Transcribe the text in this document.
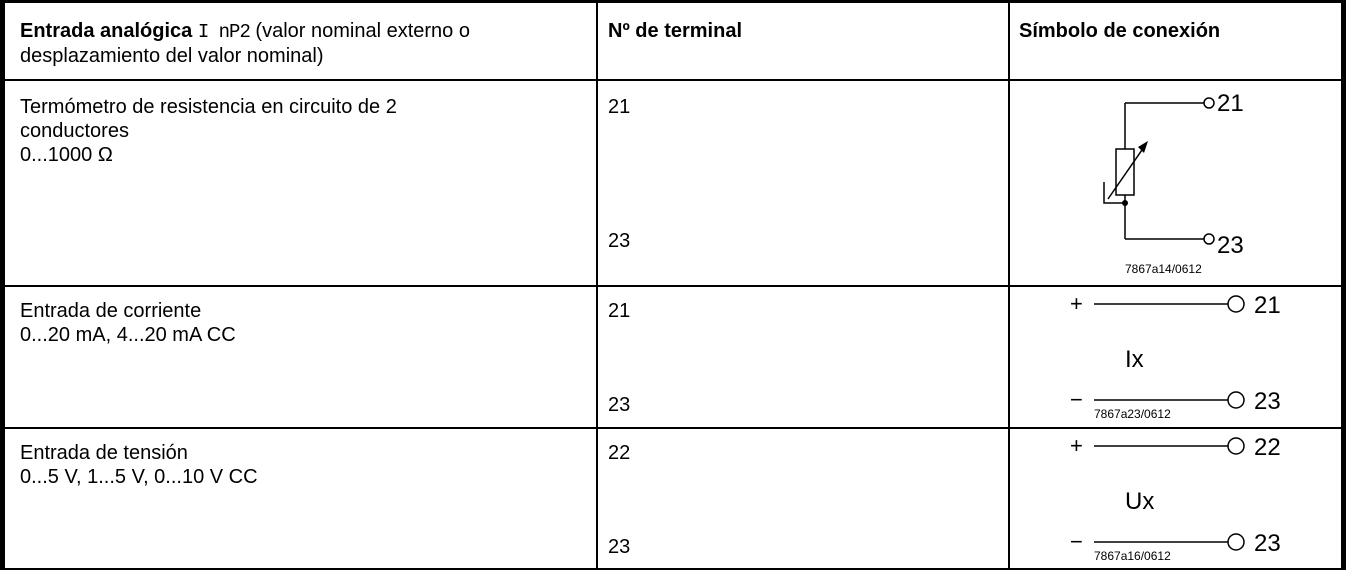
Entrada analógica I nP2 (valor nominal externo o
desplazamiento del valor nominal)
Nº de terminal	Símbolo de conexión
Termómetro de resistencia en circuito de 2
conductores
0...1000 Ω
21
23
21
23
7867a14/0612
Entrada de corriente
0...20 mA, 4...20 mA CC
21
23
+
−
21
23
Ix
7867a23/0612
Entrada de tensión
0...5 V, 1...5 V, 0...10 V CC
22
23
+
−
22
23
Ux
7867a16/0612
